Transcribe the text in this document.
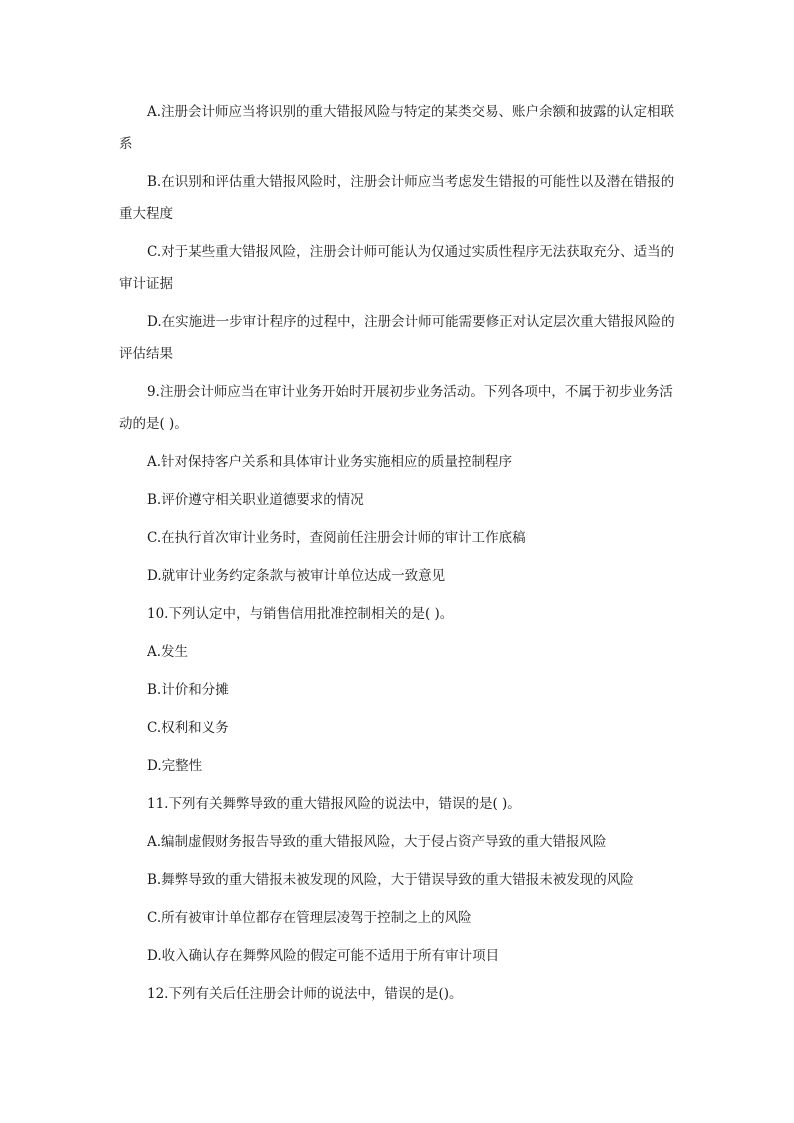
A.注册会计师应当将识别的重大错报风险与特定的某类交易、账户余额和披露的认定相联系

B.在识别和评估重大错报风险时，注册会计师应当考虑发生错报的可能性以及潜在错报的重大程度

C.对于某些重大错报风险，注册会计师可能认为仅通过实质性程序无法获取充分、适当的审计证据

D.在实施进一步审计程序的过程中，注册会计师可能需要修正对认定层次重大错报风险的评估结果

9.注册会计师应当在审计业务开始时开展初步业务活动。下列各项中，不属于初步业务活动的是( )。

A.针对保持客户关系和具体审计业务实施相应的质量控制程序

B.评价遵守相关职业道德要求的情况

C.在执行首次审计业务时，查阅前任注册会计师的审计工作底稿

D.就审计业务约定条款与被审计单位达成一致意见

10.下列认定中，与销售信用批准控制相关的是( )。

A.发生

B.计价和分摊

C.权利和义务

D.完整性

11.下列有关舞弊导致的重大错报风险的说法中，错误的是( )。

A.编制虚假财务报告导致的重大错报风险，大于侵占资产导致的重大错报风险

B.舞弊导致的重大错报未被发现的风险，大于错误导致的重大错报未被发现的风险

C.所有被审计单位都存在管理层凌驾于控制之上的风险

D.收入确认存在舞弊风险的假定可能不适用于所有审计项目

12.下列有关后任注册会计师的说法中，错误的是()。
